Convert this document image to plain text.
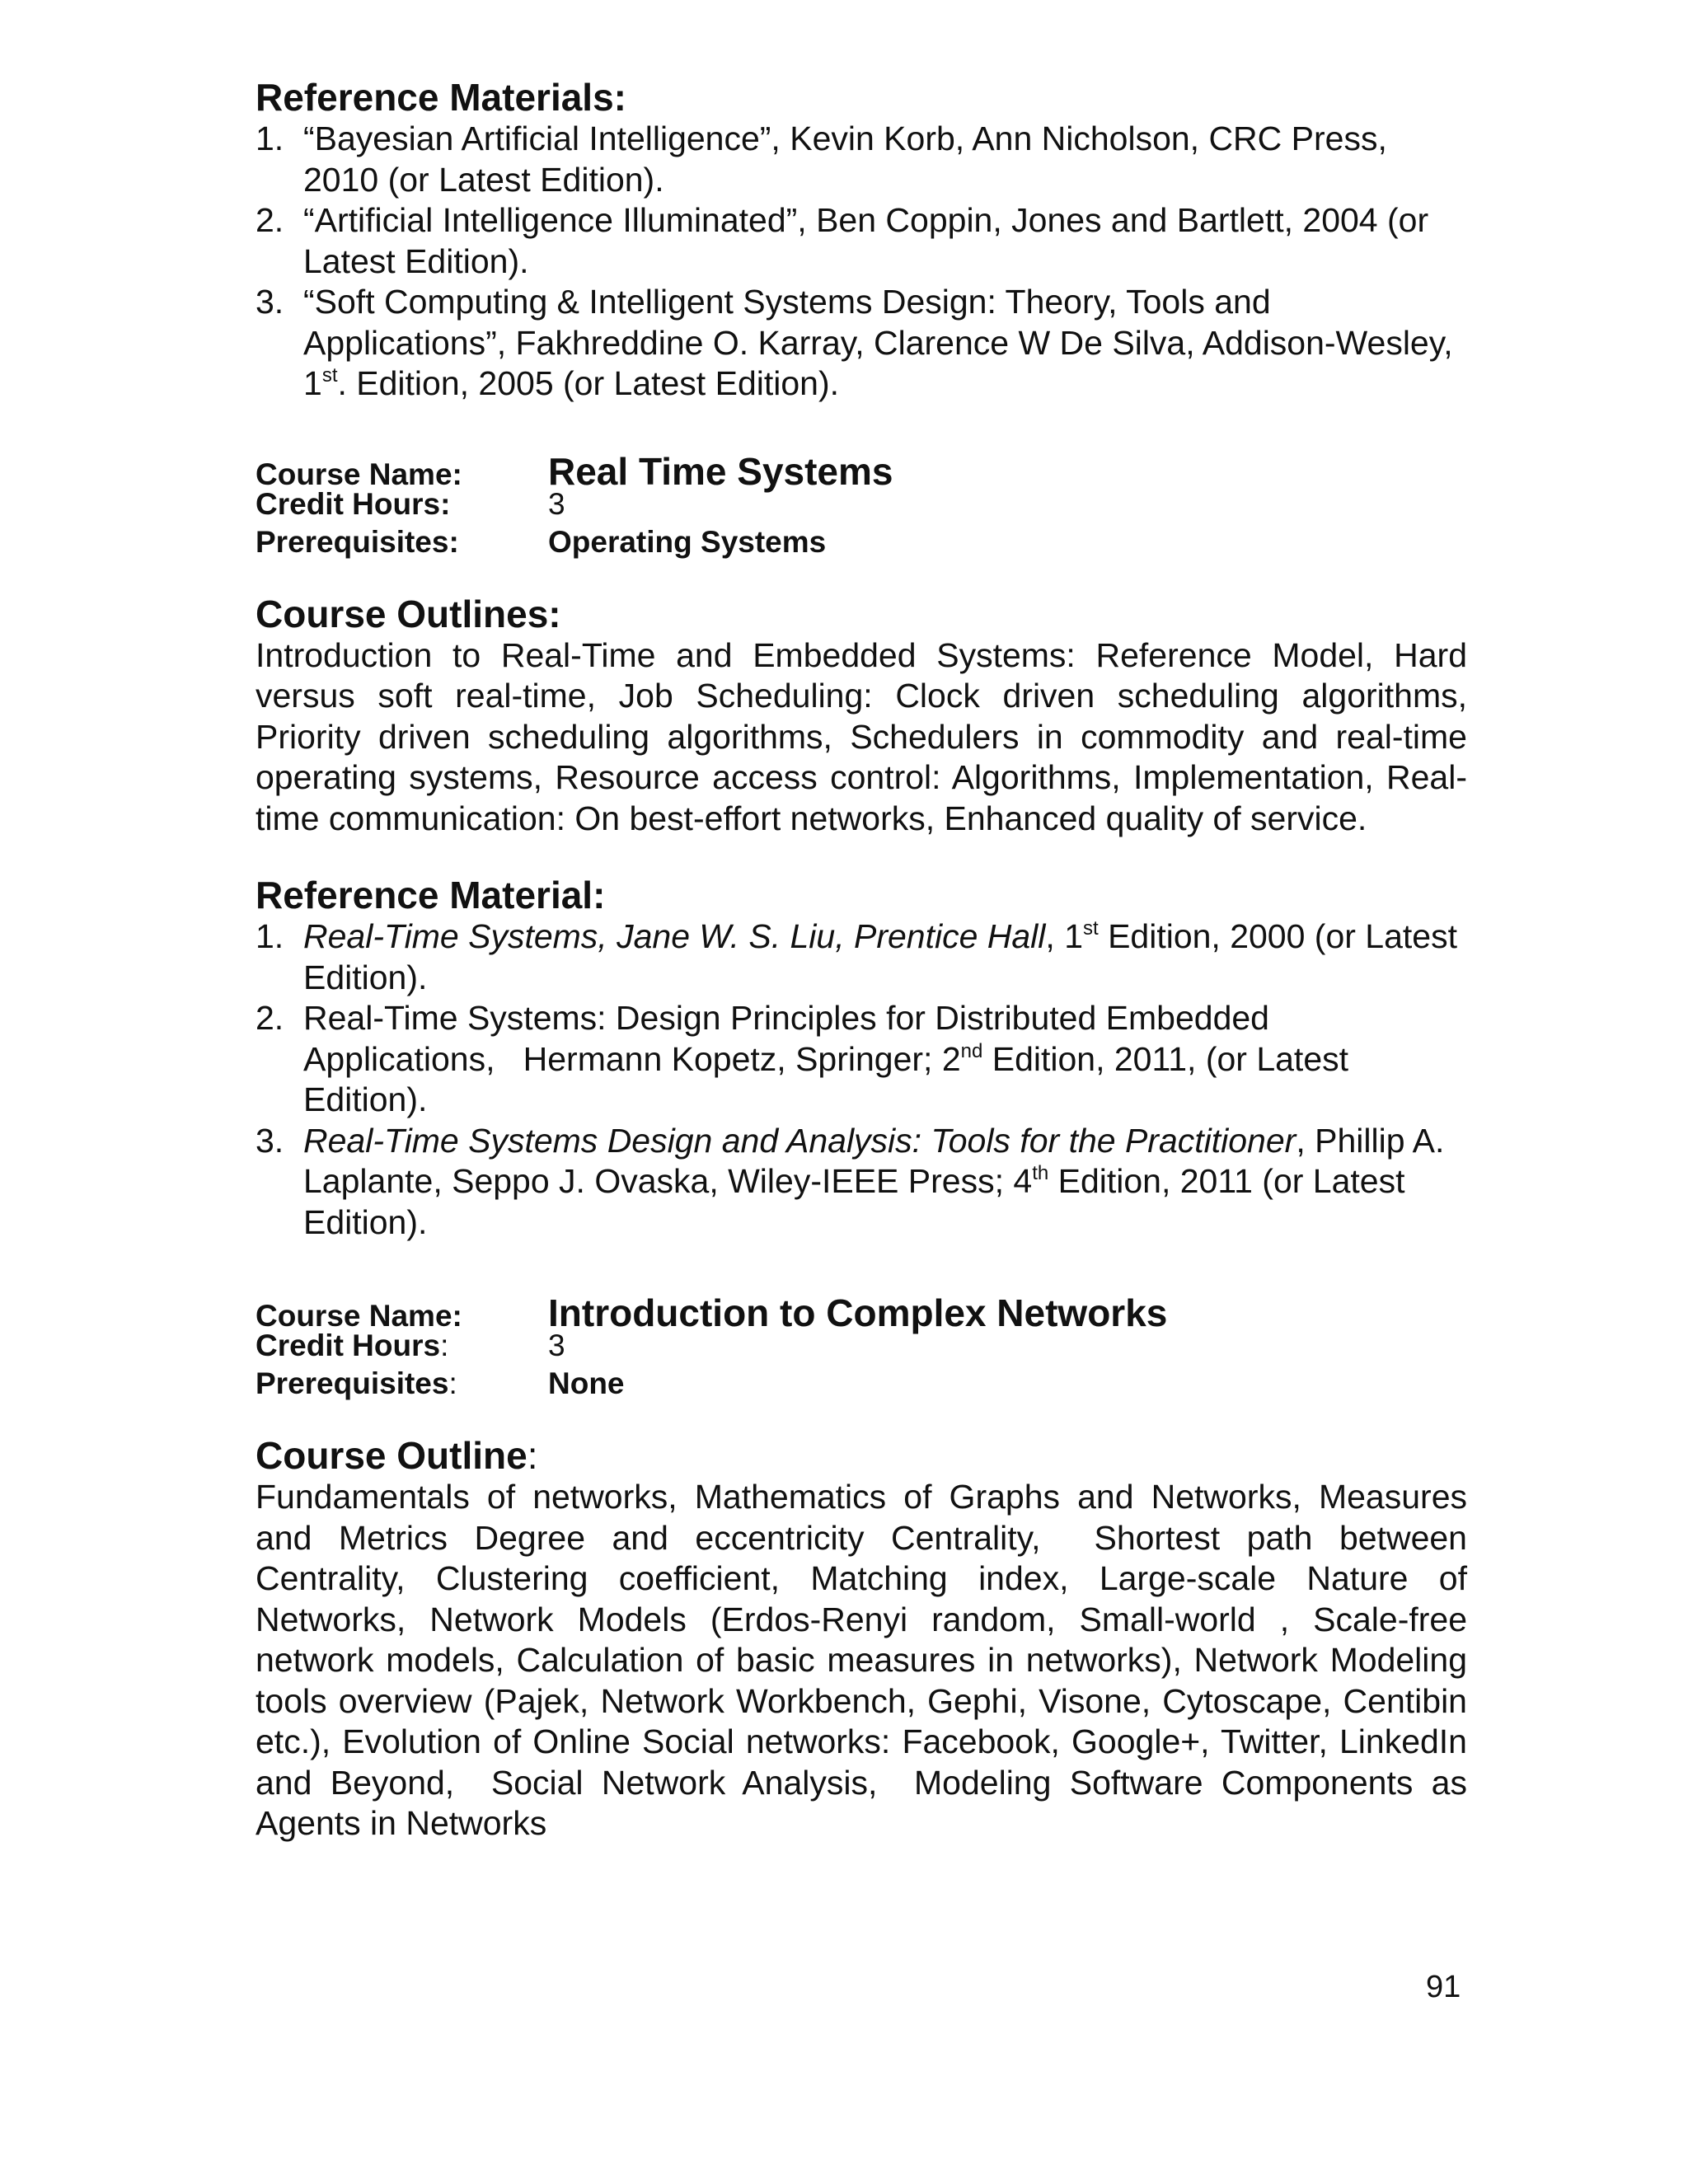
Reference Materials:
1. “Bayesian Artificial Intelligence”, Kevin Korb, Ann Nicholson, CRC Press, 2010 (or Latest Edition).
2. “Artificial Intelligence Illuminated”, Ben Coppin, Jones and Bartlett, 2004 (or Latest Edition).
3. “Soft Computing & Intelligent Systems Design: Theory, Tools and Applications”, Fakhreddine O. Karray, Clarence W De Silva, Addison-Wesley, 1st. Edition, 2005 (or Latest Edition).
Course Name:	Real Time Systems
Credit Hours:	3
Prerequisites:	Operating Systems
Course Outlines:

Introduction to Real-Time and Embedded Systems: Reference Model, Hard versus soft real-time, Job Scheduling: Clock driven scheduling algorithms, Priority driven scheduling algorithms, Schedulers in commodity and real-time operating systems, Resource access control: Algorithms, Implementation, Real-time communication: On best-effort networks, Enhanced quality of service.

Reference Material:
1. Real-Time Systems, Jane W. S. Liu, Prentice Hall, 1st Edition, 2000 (or Latest Edition).
2. Real-Time Systems: Design Principles for Distributed Embedded Applications,   Hermann Kopetz, Springer; 2nd Edition, 2011, (or Latest Edition).
3. Real-Time Systems Design and Analysis: Tools for the Practitioner, Phillip A. Laplante, Seppo J. Ovaska, Wiley-IEEE Press; 4th Edition, 2011 (or Latest Edition).
Course Name:	Introduction to Complex Networks
Credit Hours:	3
Prerequisites:	None
Course Outline:

Fundamentals of networks, Mathematics of Graphs and Networks, Measures and Metrics Degree and eccentricity Centrality,  Shortest path between Centrality, Clustering coefficient, Matching index, Large-scale Nature of Networks, Network Models (Erdos-Renyi random, Small-world , Scale-free network models, Calculation of basic measures in networks), Network Modeling tools overview (Pajek, Network Workbench, Gephi, Visone, Cytoscape, Centibin etc.), Evolution of Online Social networks: Facebook, Google+, Twitter, LinkedIn and Beyond,  Social Network Analysis,  Modeling Software Components as Agents in Networks

91
